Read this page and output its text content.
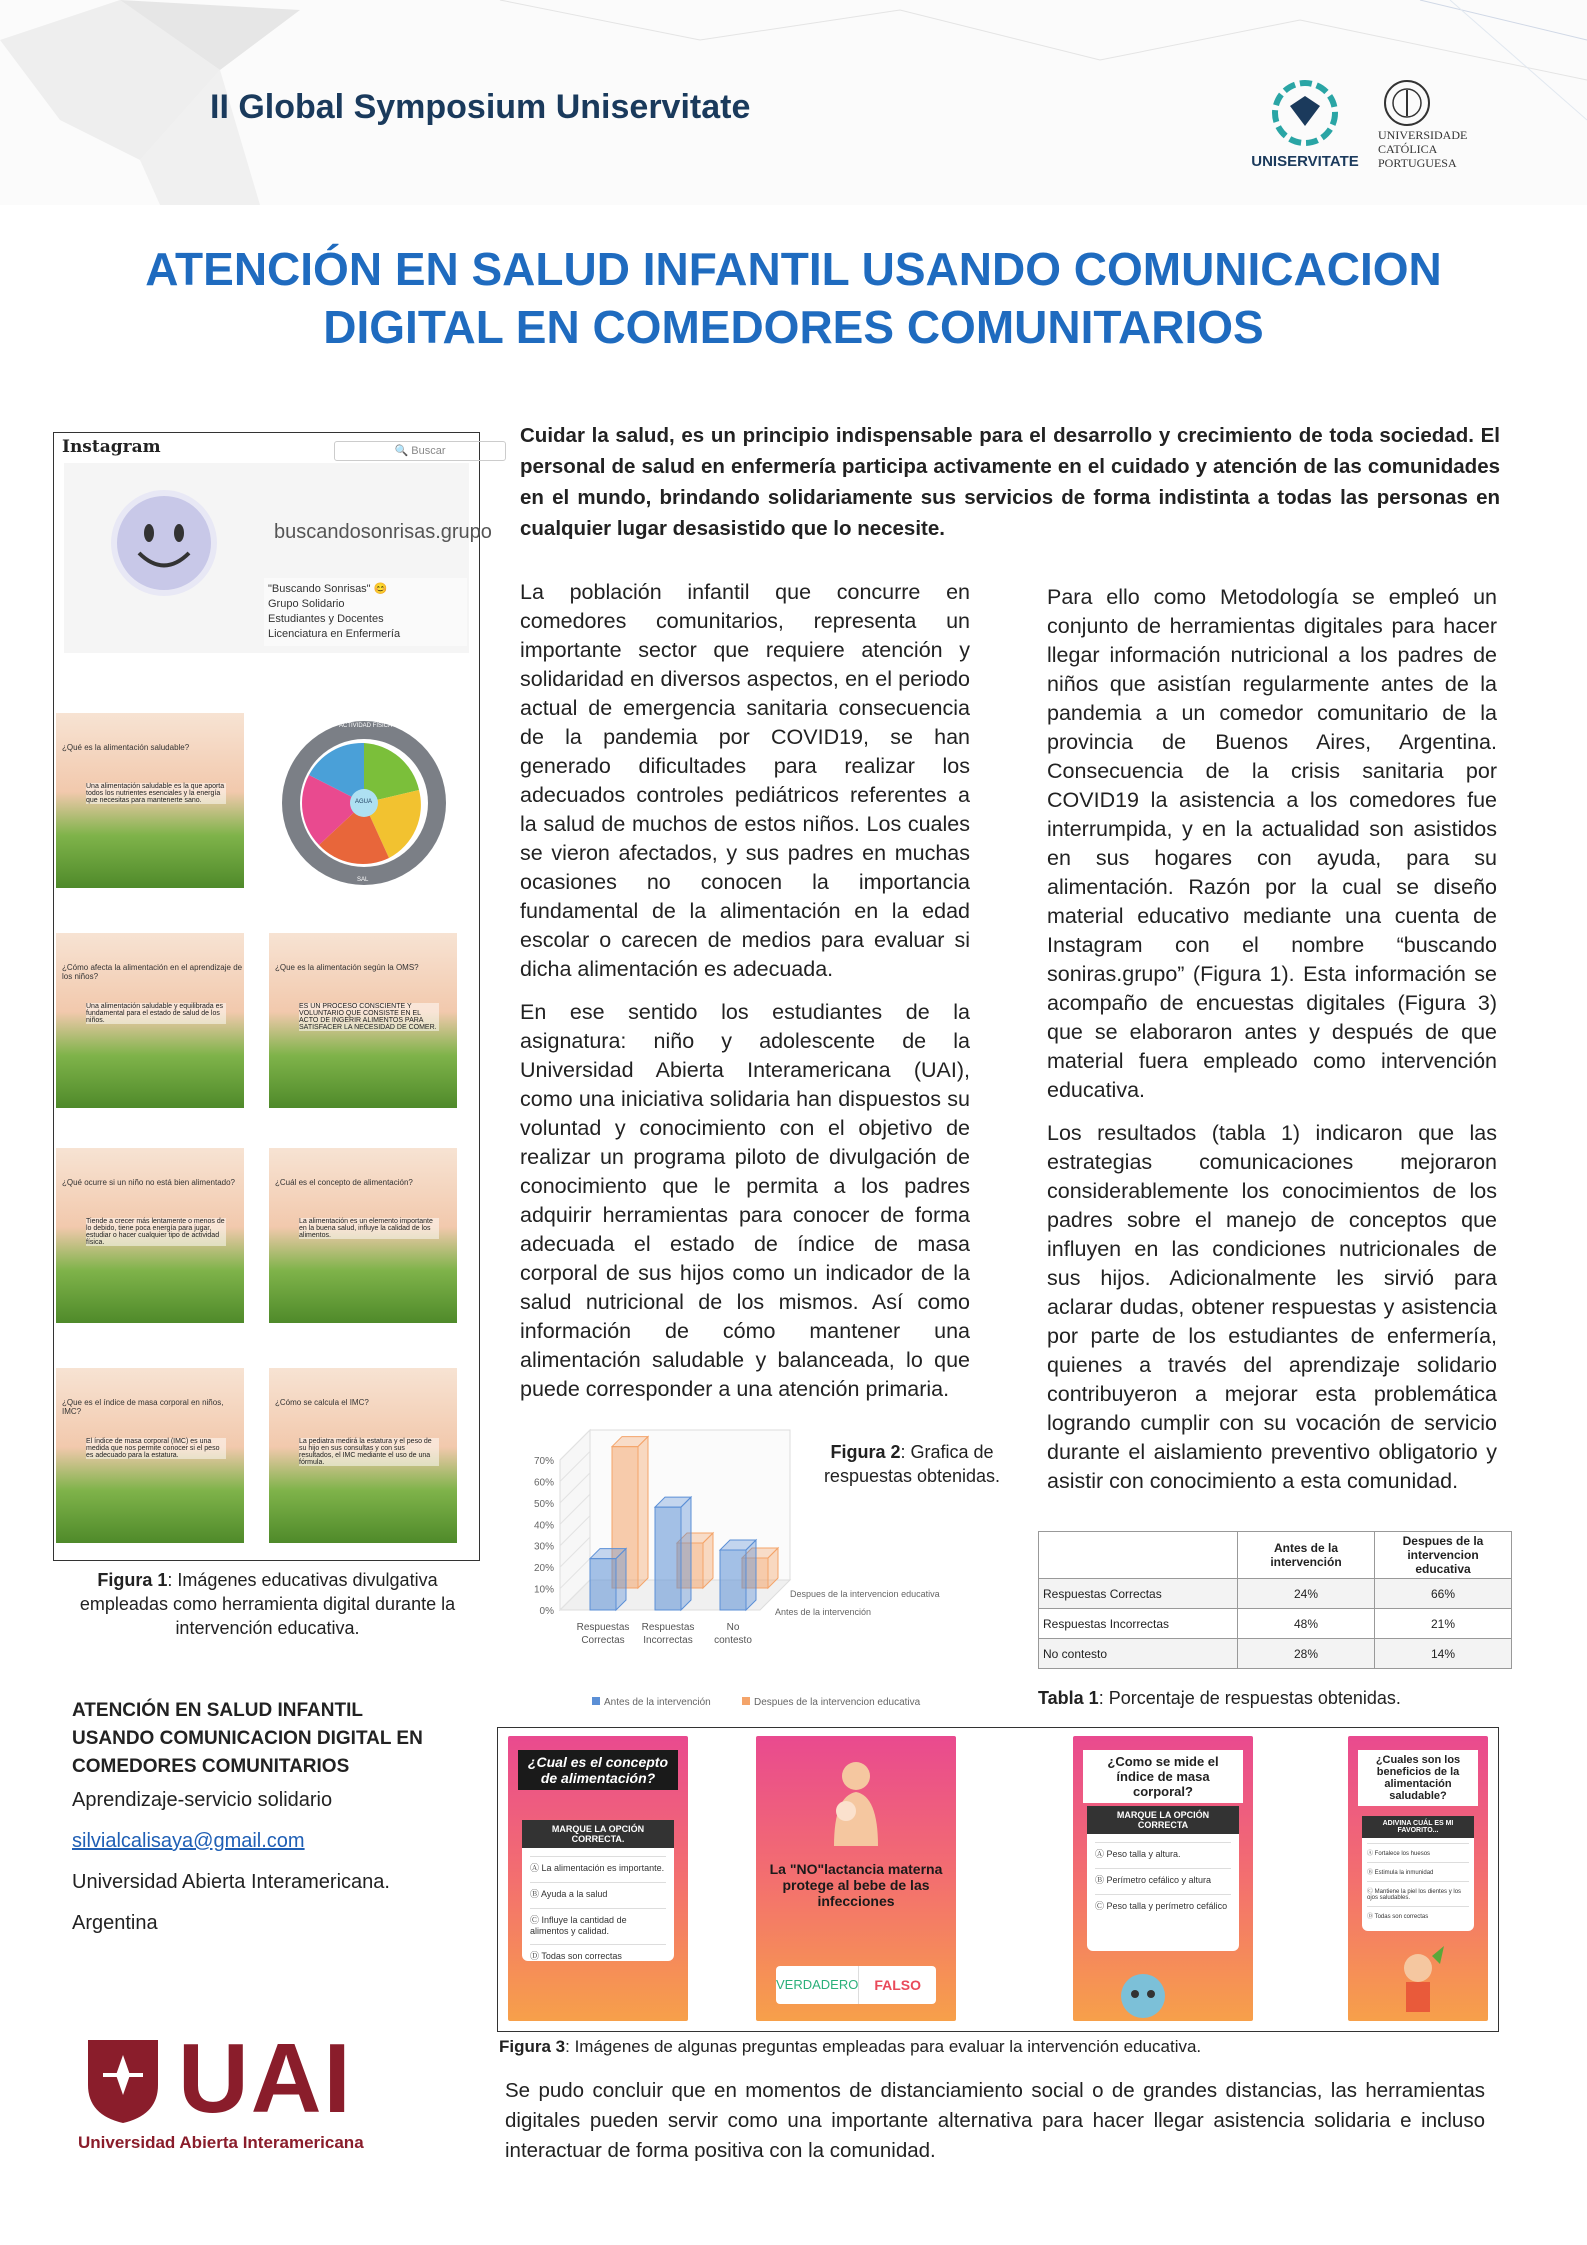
II Global Symposium Uniservitate
UNISERVITATE
UNIVERSIDADE CATÓLICA PORTUGUESA
ATENCIÓN EN SALUD INFANTIL USANDO COMUNICACION
DIGITAL EN COMEDORES COMUNITARIOS
Instagram	🔍 Buscar
buscandosonrisas.grupo
"Buscando Sonrisas" 😊
Grupo Solidario
Estudiantes y Docentes
Licenciatura en Enfermería
¿Qué es la alimentación saludable?
Una alimentación saludable es la que aporta todos los nutrientes esenciales y la energía que necesitas para mantenerte sano.
ACTIVIDAD FÍSICA
AGUA
SAL
¿Cómo afecta la alimentación en el aprendizaje de los niños?
Una alimentación saludable y equilibrada es fundamental para el estado de salud de los niños.
¿Que es la alimentación según la OMS?
ES UN PROCESO CONSCIENTE Y VOLUNTARIO QUE CONSISTE EN EL ACTO DE INGERIR ALIMENTOS PARA SATISFACER LA NECESIDAD DE COMER.
¿Qué ocurre si un niño no está bien alimentado?
Tiende a crecer más lentamente o menos de lo debido, tiene poca energía para jugar, estudiar o hacer cualquier tipo de actividad física.
¿Cuál es el concepto de alimentación?
La alimentación es un elemento importante en la buena salud, influye la calidad de los alimentos.
¿Que es el índice de masa corporal en niños, IMC?
El índice de masa corporal (IMC) es una medida que nos permite conocer si el peso es adecuado para la estatura.
¿Cómo se calcula el IMC?
La pediatra medirá la estatura y el peso de su hijo en sus consultas y con sus resultados, el IMC mediante el uso de una fórmula.
Figura 1: Imágenes educativas divulgativa empleadas como herramienta digital durante la intervención educativa.
Cuidar la salud, es un principio indispensable para el desarrollo y crecimiento de toda sociedad. El personal de salud en enfermería participa activamente en el cuidado y atención de las comunidades en el mundo, brindando solidariamente sus servicios de forma indistinta a todas las personas en cualquier lugar desasistido que lo necesite.

La población infantil que concurre en comedores comunitarios, representa un importante sector que requiere atención y solidaridad en diversos aspectos, en el periodo actual de emergencia sanitaria consecuencia de la pandemia por COVID19, se han generado dificultades para realizar los adecuados controles pediátricos referentes a la salud de muchos de estos niños. Los cuales se vieron afectados, y sus padres en muchas ocasiones no conocen la importancia fundamental de la alimentación en la edad escolar o carecen de medios para evaluar si dicha alimentación es adecuada.

En ese sentido los estudiantes de la asignatura: niño y adolescente de la Universidad Abierta Interamericana (UAI), como una iniciativa solidaria han dispuestos su voluntad y conocimiento con el objetivo de realizar un programa piloto de divulgación de conocimiento que le permita a los padres adquirir herramientas para conocer de forma adecuada el estado de índice de masa corporal de sus hijos como un indicador de la salud nutricional de los mismos. Así como información de cómo mantener una alimentación saludable y balanceada, lo que puede corresponder a una atención primaria.

Para ello como Metodología se empleó un conjunto de herramientas digitales para hacer llegar información nutricional a los padres de niños que asistían regularmente antes de la pandemia a un comedor comunitario de la provincia de Buenos Aires, Argentina. Consecuencia de la crisis sanitaria por COVID19 la asistencia a los comedores fue interrumpida, y en la actualidad son asistidos en sus hogares con ayuda, para su alimentación. Razón por la cual se diseño material educativo mediante una cuenta de Instagram con el nombre “buscando soniras.grupo” (Figura 1). Esta información se acompaño de encuestas digitales (Figura 3) que se elaboraron antes y después de que material fuera empleado como intervención educativa.

Los resultados (tabla 1) indicaron que las estrategias comunicaciones mejoraron considerablemente los conocimientos de los padres sobre el manejo de conceptos que influyen en las condiciones nutricionales de sus hijos. Adicionalmente les sirvió para aclarar dudas, obtener respuestas y asistencia por parte de los estudiantes de enfermería, quienes a través del aprendizaje solidario contribuyeron a mejorar esta problemática logrando cumplir con su vocación de servicio durante el aislamiento preventivo obligatorio y asistir con conocimiento a esta comunidad.

0%
10%
20%
30%
40%
50%
60%
70%
Respuestas Correctas
Respuestas Incorrectas
No contesto
Despues de la intervencion educativa
Antes de la intervención
Antes de la intervención	Despues de la intervencion educativa
Figura 2: Grafica de respuestas obtenidas.
	Antes de la intervención	Despues de la intervencion educativa
Respuestas Correctas	24%	66%
Respuestas Incorrectas	48%	21%
No contesto	28%	14%
Tabla 1: Porcentaje de respuestas obtenidas.
ATENCIÓN EN SALUD INFANTIL USANDO COMUNICACION DIGITAL EN COMEDORES COMUNITARIOS
Aprendizaje-servicio solidario
silvialcalisaya@gmail.com
Universidad Abierta Interamericana.
Argentina
UAI
Universidad Abierta Interamericana
¿Cual es el concepto de alimentación?
MARQUE LA OPCIÓN CORRECTA.
Ⓐ La alimentación es importante.
Ⓑ Ayuda a la salud
Ⓒ Influye la cantidad de alimentos y calidad.
Ⓓ Todas son correctas
La "NO"lactancia materna protege al bebe de las infecciones
VERDADERO	FALSO
¿Como se mide el índice de masa corporal?
MARQUE LA OPCIÓN CORRECTA
Ⓐ Peso talla y altura.
Ⓑ Perímetro cefálico y altura
Ⓒ Peso talla y perímetro cefálico
¿Cuales son los beneficios de la alimentación saludable?
ADIVINA CUÁL ES MI FAVORITO...
Ⓐ Fortalece los huesos
Ⓑ Estimula la inmunidad
Ⓒ Mantiene la piel los dientes y los ojos saludables.
Ⓓ Todas son correctas
Figura 3: Imágenes de algunas preguntas empleadas para evaluar la intervención educativa.
Se pudo concluir que en momentos de distanciamiento social o de grandes distancias, las herramientas digitales pueden servir como una importante alternativa para hacer llegar asistencia solidaria e incluso interactuar de forma positiva con la comunidad.
